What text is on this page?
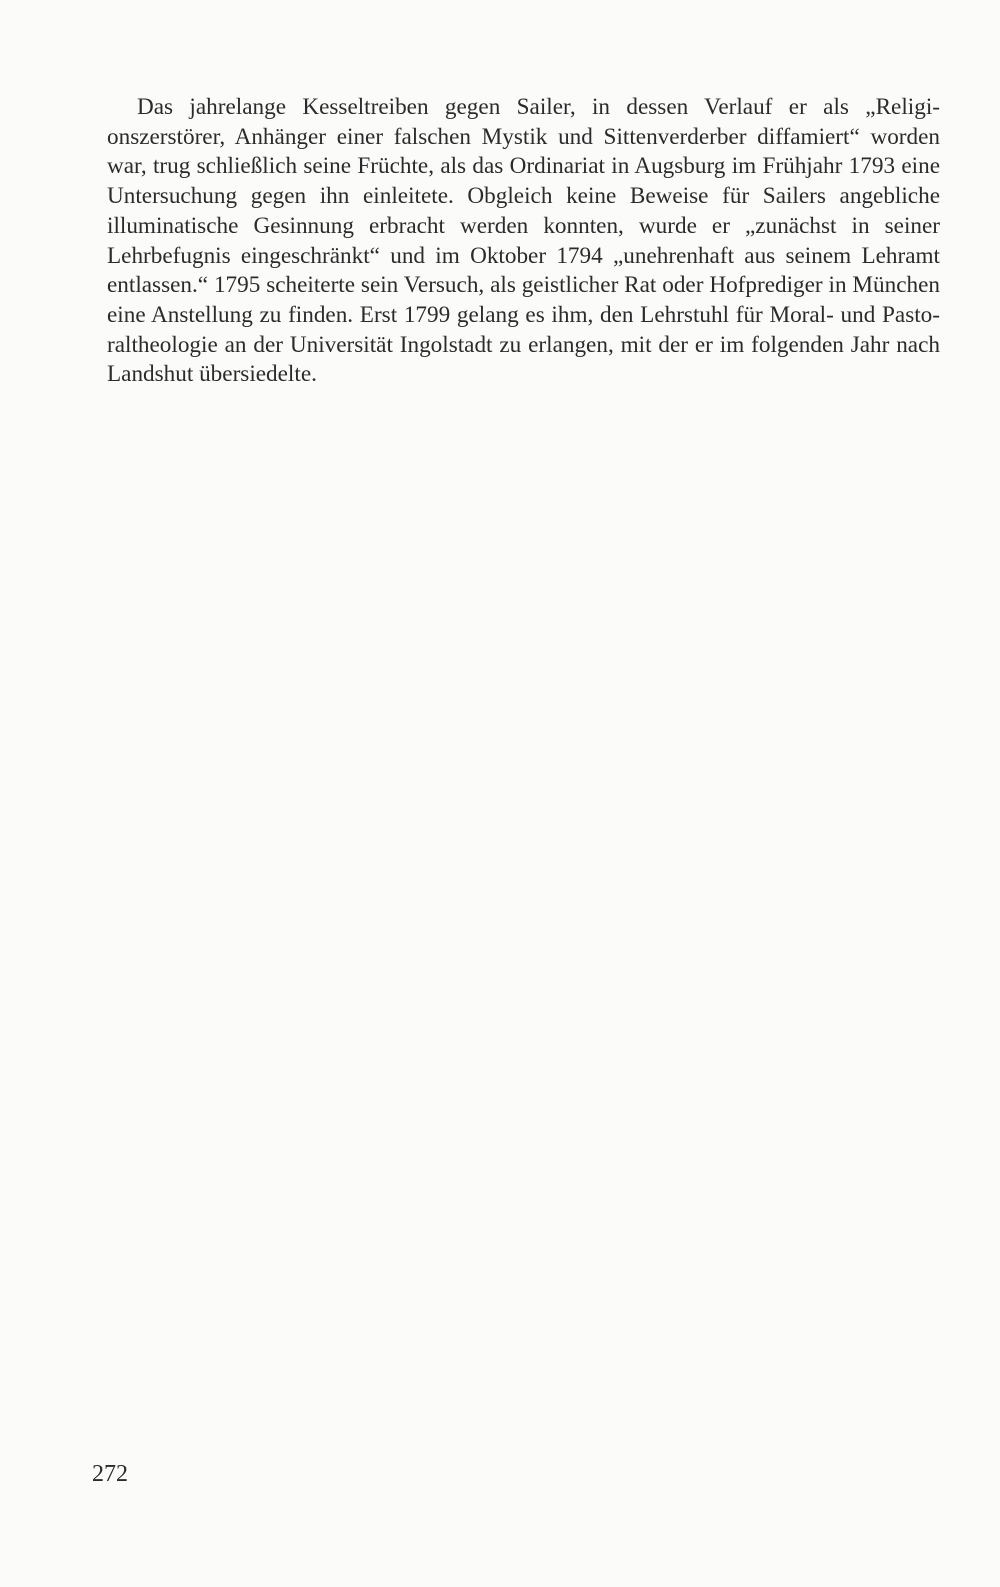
Das jahrelange Kesseltreiben gegen Sailer, in dessen Verlauf er als „Religionszerstörer, Anhänger einer falschen Mystik und Sittenverderber diffamiert“ worden war, trug schließlich seine Früchte, als das Ordinariat in Augsburg im Frühjahr 1793 eine Untersuchung gegen ihn einleitete. Obgleich keine Beweise für Sailers angebliche illuminatische Gesinnung erbracht werden konnten, wurde er „zunächst in seiner Lehrbefugnis eingeschränkt“ und im Oktober 1794 „unehrenhaft aus seinem Lehramt entlassen.“ 1795 scheiterte sein Versuch, als geistlicher Rat oder Hofprediger in München eine Anstellung zu finden. Erst 1799 gelang es ihm, den Lehrstuhl für Moral- und Pastoraltheologie an der Universität Ingolstadt zu erlangen, mit der er im folgenden Jahr nach Landshut übersiedelte.

272
